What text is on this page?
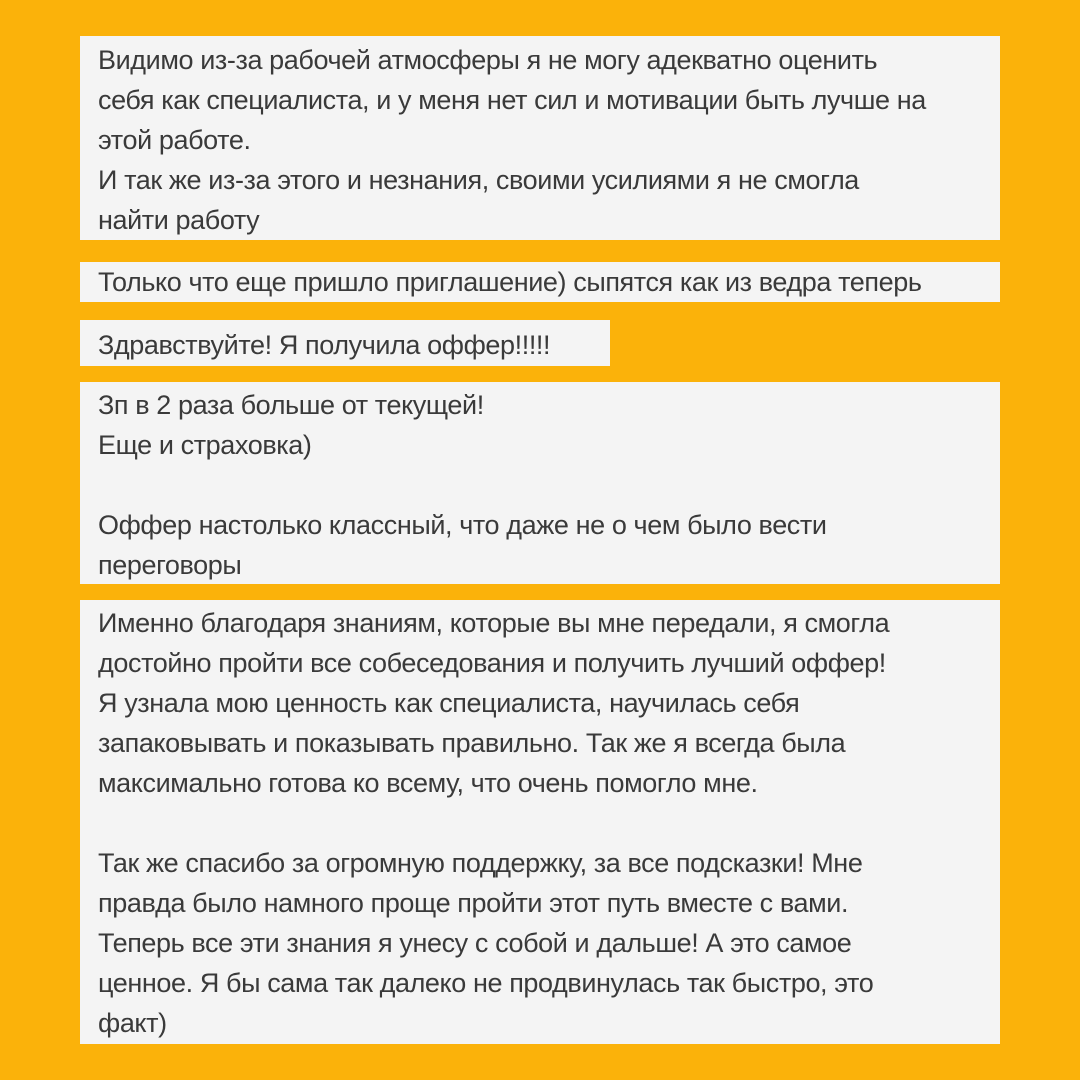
Видимо из-за рабочей атмосферы я не могу адекватно оценить
себя как специалиста, и у меня нет сил и мотивации быть лучше на
этой работе.
И так же из-за этого и незнания, своими усилиями я не смогла
найти работу
Только что еще пришло приглашение) сыпятся как из ведра теперь
Здравствуйте! Я получила оффер!!!!!
Зп в 2 раза больше от текущей!
Еще и страховка)
Оффер настолько классный, что даже не о чем было вести
переговоры
Именно благодаря знаниям, которые вы мне передали, я смогла
достойно пройти все собеседования и получить лучший оффер!
Я узнала мою ценность как специалиста, научилась себя
запаковывать и показывать правильно. Так же я всегда была
максимально готова ко всему, что очень помогло мне.
Так же спасибо за огромную поддержку, за все подсказки! Мне
правда было намного проще пройти этот путь вместе с вами.
Теперь все эти знания я унесу с собой и дальше! А это самое
ценное. Я бы сама так далеко не продвинулась так быстро, это
факт)
